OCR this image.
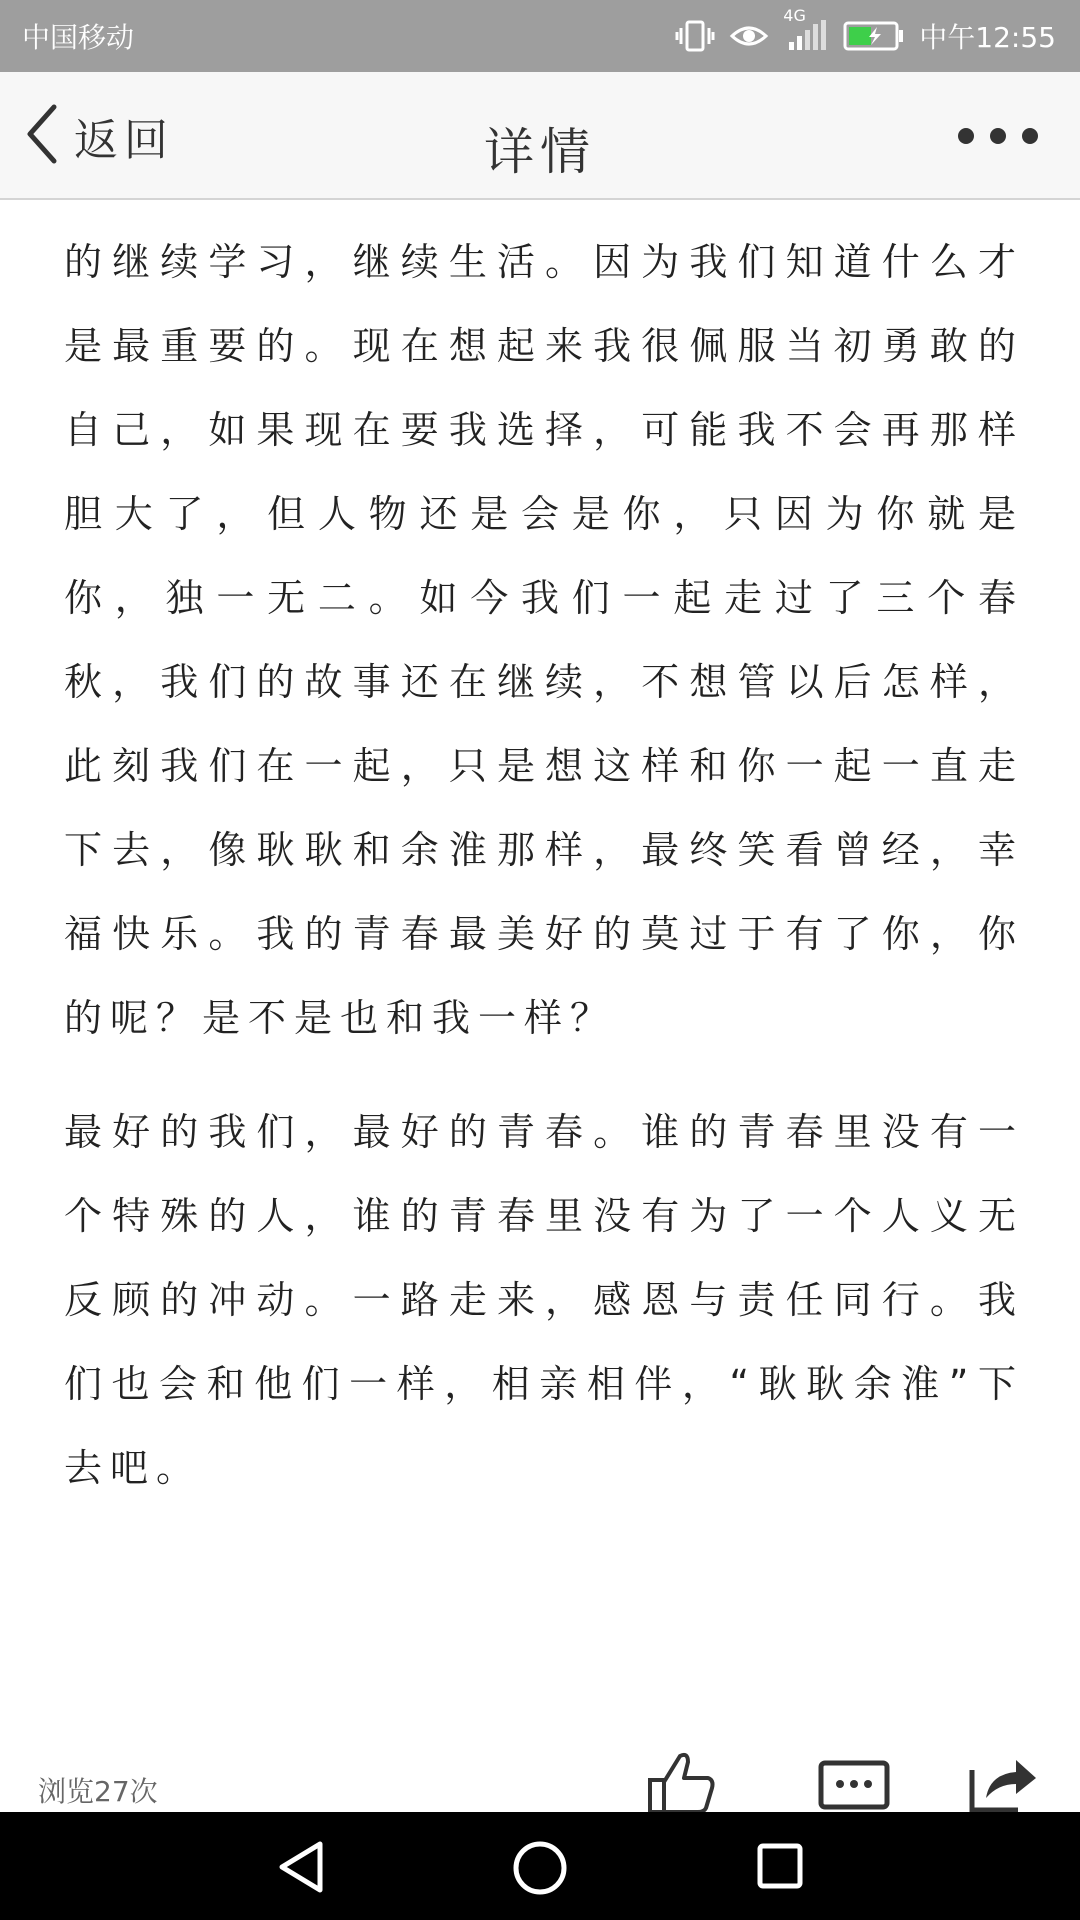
中国移动
4G
中午12:55
返回	详情

的继续学习，继续生活。因为我们知道什么才是最重要的。现在想起来我很佩服当初勇敢的自己，如果现在要我选择，可能我不会再那样胆大了，但人物还是会是你，只因为你就是你，独一无二。如今我们一起走过了三个春秋，我们的故事还在继续，不想管以后怎样，此刻我们在一起，只是想这样和你一起一直走下去，像耿耿和余淮那样，最终笑看曾经，幸福快乐。我的青春最美好的莫过于有了你，你的呢？是不是也和我一样？

最好的我们，最好的青春。谁的青春里没有一个特殊的人，谁的青春里没有为了一个人义无反顾的冲动。一路走来，感恩与责任同行。我们也会和他们一样，相亲相伴，“耿耿余淮”下去吧。

浏览27次
